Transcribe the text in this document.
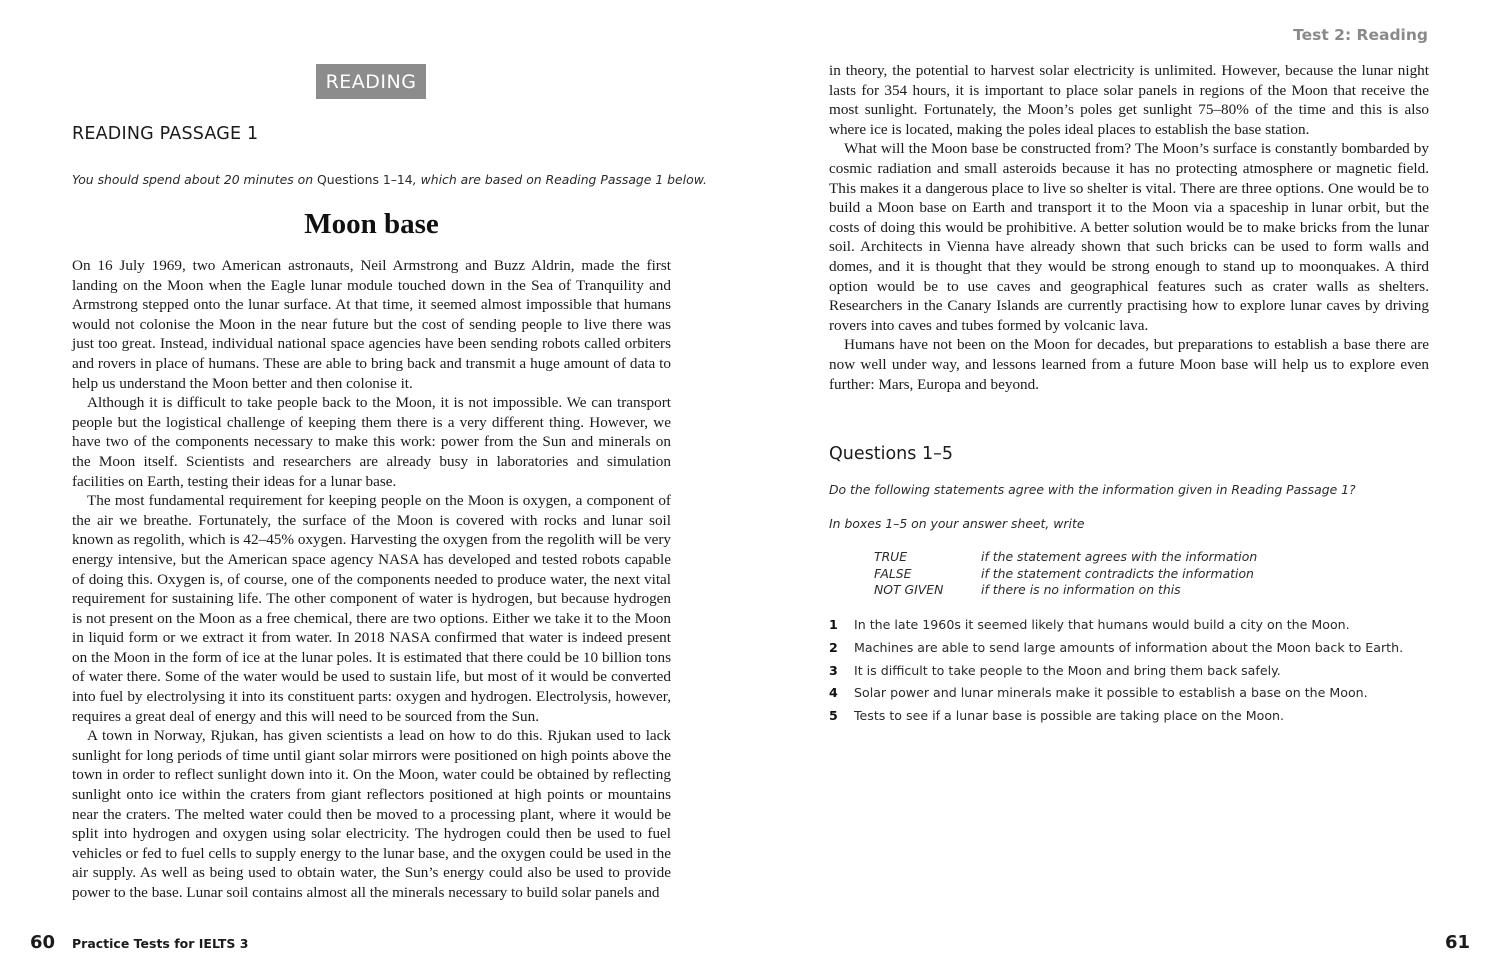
Test 2: Reading

READING
READING PASSAGE 1

You should spend about 20 minutes on Questions 1–14, which are based on Reading Passage 1 below.

Moon base

On 16 July 1969, two American astronauts, Neil Armstrong and Buzz Aldrin, made the first landing on the Moon when the Eagle lunar module touched down in the Sea of Tranquility and Armstrong stepped onto the lunar surface. At that time, it seemed almost impossible that humans would not colonise the Moon in the near future but the cost of sending people to live there was just too great. Instead, individual national space agencies have been sending robots called orbiters and rovers in place of humans. These are able to bring back and transmit a huge amount of data to help us understand the Moon better and then colonise it.

Although it is difficult to take people back to the Moon, it is not impossible. We can transport people but the logistical challenge of keeping them there is a very different thing. However, we have two of the components necessary to make this work: power from the Sun and minerals on the Moon itself. Scientists and researchers are already busy in laboratories and simulation facilities on Earth, testing their ideas for a lunar base.

The most fundamental requirement for keeping people on the Moon is oxygen, a component of the air we breathe. Fortunately, the surface of the Moon is covered with rocks and lunar soil known as regolith, which is 42–45% oxygen. Harvesting the oxygen from the regolith will be very energy intensive, but the American space agency NASA has developed and tested robots capable of doing this. Oxygen is, of course, one of the components needed to produce water, the next vital requirement for sustaining life. The other component of water is hydrogen, but because hydrogen is not present on the Moon as a free chemical, there are two options. Either we take it to the Moon in liquid form or we extract it from water. In 2018 NASA confirmed that water is indeed present on the Moon in the form of ice at the lunar poles. It is estimated that there could be 10 billion tons of water there. Some of the water would be used to sustain life, but most of it would be converted into fuel by electrolysing it into its constituent parts: oxygen and hydrogen. Electrolysis, however, requires a great deal of energy and this will need to be sourced from the Sun.

A town in Norway, Rjukan, has given scientists a lead on how to do this. Rjukan used to lack sunlight for long periods of time until giant solar mirrors were positioned on high points above the town in order to reflect sunlight down into it. On the Moon, water could be obtained by reflecting sunlight onto ice within the craters from giant reflectors positioned at high points or mountains near the craters. The melted water could then be moved to a processing plant, where it would be split into hydrogen and oxygen using solar electricity. The hydrogen could then be used to fuel vehicles or fed to fuel cells to supply energy to the lunar base, and the oxygen could be used in the air supply. As well as being used to obtain water, the Sun’s energy could also be used to provide power to the base. Lunar soil contains almost all the minerals necessary to build solar panels and

in theory, the potential to harvest solar electricity is unlimited. However, because the lunar night lasts for 354 hours, it is important to place solar panels in regions of the Moon that receive the most sunlight. Fortunately, the Moon’s poles get sunlight 75–80% of the time and this is also where ice is located, making the poles ideal places to establish the base station.

What will the Moon base be constructed from? The Moon’s surface is constantly bombarded by cosmic radiation and small asteroids because it has no protecting atmosphere or magnetic field. This makes it a dangerous place to live so shelter is vital. There are three options. One would be to build a Moon base on Earth and transport it to the Moon via a spaceship in lunar orbit, but the costs of doing this would be prohibitive. A better solution would be to make bricks from the lunar soil. Architects in Vienna have already shown that such bricks can be used to form walls and domes, and it is thought that they would be strong enough to stand up to moonquakes. A third option would be to use caves and geographical features such as crater walls as shelters. Researchers in the Canary Islands are currently practising how to explore lunar caves by driving rovers into caves and tubes formed by volcanic lava.

Humans have not been on the Moon for decades, but preparations to establish a base there are now well under way, and lessons learned from a future Moon base will help us to explore even further: Mars, Europa and beyond.

Questions 1–5

Do the following statements agree with the information given in Reading Passage 1?

In boxes 1–5 on your answer sheet, write

TRUE	if the statement agrees with the information
FALSE	if the statement contradicts the information
NOT GIVEN	if there is no information on this
1	In the late 1960s it seemed likely that humans would build a city on the Moon.
2	Machines are able to send large amounts of information about the Moon back to Earth.
3	It is difficult to take people to the Moon and bring them back safely.
4	Solar power and lunar minerals make it possible to establish a base on the Moon.
5	Tests to see if a lunar base is possible are taking place on the Moon.

60 Practice Tests for IELTS 3	61
